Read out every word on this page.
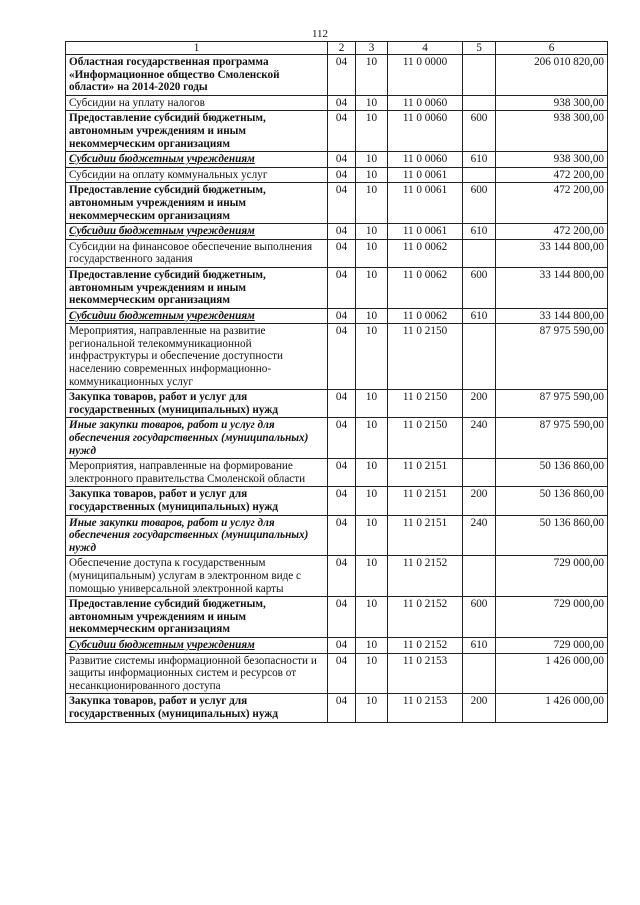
112
1	2	3	4	5	6
Областная государственная программа «Информационное общество Смоленской области» на 2014-2020 годы	04	10	11 0 0000		206 010 820,00
Субсидии на уплату налогов	04	10	11 0 0060		938 300,00
Предоставление субсидий бюджетным, автономным учреждениям и иным некоммерческим организациям	04	10	11 0 0060	600	938 300,00
Субсидии бюджетным учреждениям	04	10	11 0 0060	610	938 300,00
Субсидии на оплату коммунальных услуг	04	10	11 0 0061		472 200,00
Предоставление субсидий бюджетным, автономным учреждениям и иным некоммерческим организациям	04	10	11 0 0061	600	472 200,00
Субсидии бюджетным учреждениям	04	10	11 0 0061	610	472 200,00
Субсидии на финансовое обеспечение выполнения государственного задания	04	10	11 0 0062		33 144 800,00
Предоставление субсидий бюджетным, автономным учреждениям и иным некоммерческим организациям	04	10	11 0 0062	600	33 144 800,00
Субсидии бюджетным учреждениям	04	10	11 0 0062	610	33 144 800,00
Мероприятия, направленные на развитие региональной телекоммуникационной инфраструктуры и обеспечение доступности населению современных информационно-коммуникационных услуг	04	10	11 0 2150		87 975 590,00
Закупка товаров, работ и услуг для государственных (муниципальных) нужд	04	10	11 0 2150	200	87 975 590,00
Иные закупки товаров, работ и услуг для обеспечения государственных (муниципальных) нужд	04	10	11 0 2150	240	87 975 590,00
Мероприятия, направленные на формирование электронного правительства Смоленской области	04	10	11 0 2151		50 136 860,00
Закупка товаров, работ и услуг для государственных (муниципальных) нужд	04	10	11 0 2151	200	50 136 860,00
Иные закупки товаров, работ и услуг для обеспечения государственных (муниципальных) нужд	04	10	11 0 2151	240	50 136 860,00
Обеспечение доступа к государственным (муниципальным) услугам в электронном виде с помощью универсальной электронной карты	04	10	11 0 2152		729 000,00
Предоставление субсидий бюджетным, автономным учреждениям и иным некоммерческим организациям	04	10	11 0 2152	600	729 000,00
Субсидии бюджетным учреждениям	04	10	11 0 2152	610	729 000,00
Развитие системы информационной безопасности и защиты информационных систем и ресурсов от несанкционированного доступа	04	10	11 0 2153		1 426 000,00
Закупка товаров, работ и услуг для государственных (муниципальных) нужд	04	10	11 0 2153	200	1 426 000,00
